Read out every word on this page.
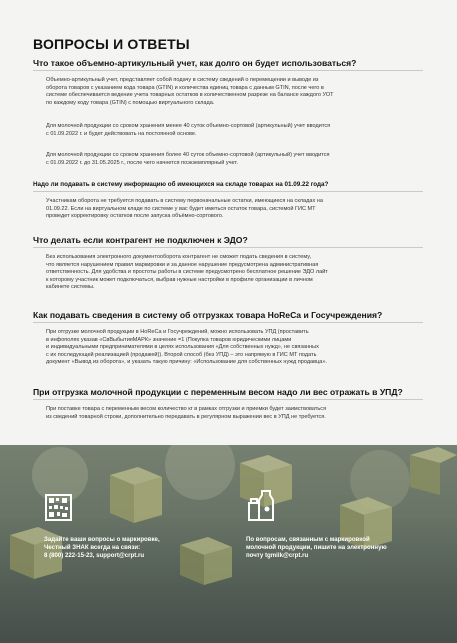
ВОПРОСЫ И ОТВЕТЫ
Что такое объемно-артикульный учет, как долго он будет использоваться?
Объемно-артикульный учет, представляет собой подачу в систему сведений о перемещении и выводе из
оборота товаров с указанием кода товара (GTIN) и количества единиц товара с данным GTIN, после чего в
системе обеспечивается ведение учета товарных остатков в количественном разрезе на балансе каждого УОТ
по каждому коду товара (GTIN) с помощью виртуального склада.
Для молочной продукции со сроком хранения менее 40 суток объемно-сортовой (артикульный) учет вводится
с 01.09.2022 г. и будет действовать на постоянной основе.
Для молочной продукции со сроком хранения более 40 суток объемно-сортовой (артикульный) учет вводится
с 01.09.2022 г. до 31.05.2025 г., после чего начнется поэкземплярный учет.
Надо ли подавать в систему информацию об имеющихся на складе товарах на 01.09.22 года?
Участникам оборота не требуется подавать в систему первоначальные остатки, имеющиеся на складах на
01.09.22. Если на виртуальном кладе по системе у вас будет иметься остаток товара, системой ГИС МТ
проведет корректировку остатков после запуска объёмно-сортового.
Что делать если контрагент не подключен к ЭДО?
Без использования электронного документооборота контрагент не сможет подать сведения в систему,
что является нарушением правил маркировки и за данное нарушение предусмотрена административная
ответственность. Для удобства и простоты работы в системе предусмотрено бесплатное решение ЭДО лайт
к которому участник может подключаться, выбрав нужные настройки в профиле организации в личном
кабинете системы.
Как подавать сведения в систему об отгрузках товара HoReCa и Госучреждения?
При отгрузке молочной продукции в HoReCa и Госучреждений, можно использовать УПД (проставить
в инфополях указав «СвВыбытияМАРК» значение =1 (Покупка товаров юридическими лицами
и индивидуальными предпринимателями в целях использования «Для собственных нужд», не связанных
с их последующей реализацией (продажей)). Второй способ (без УПД) – это напрямую в ГИС МТ подать
документ «Вывод из оборота», и указать такую причину: «Использование для собственных нужд продавца».
При отгрузка молочной продукции с переменным весом надо ли вес отражать в УПД?
При поставке товара с переменным весом количество кг в рамках отгрузки и приемки будет заимствоваться
из сведений товарной строки, дополнительно передавать в регулярном выражении вес в УПД не требуется.
Задайте ваши вопросы о маркировке,
Честный ЗНАК всегда на связи:
8 (800) 222-15-23, support@crpt.ru
По вопросам, связанным с маркировкой
молочной продукции, пишите на электронную
почту tgmilk@crpt.ru
